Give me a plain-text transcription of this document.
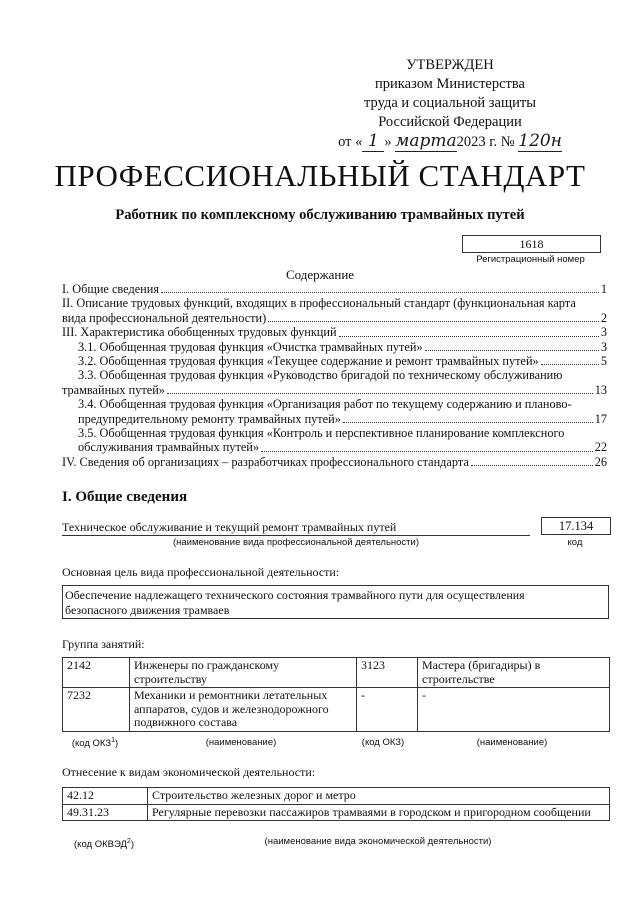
УТВЕРЖДЕН
приказом Министерства
труда и социальной защиты
Российской Федерации
от « 1 » марта2023 г. № 120н
ПРОФЕССИОНАЛЬНЫЙ СТАНДАРТ
Работник по комплексному обслуживанию трамвайных путей
1618
Регистрационный номер
Содержание
I. Общие сведения	1
II. Описание трудовых функций, входящих в профессиональный стандарт (функциональная карта
вида профессиональной деятельности)	2
III. Характеристика обобщенных трудовых функций	3
3.1. Обобщенная трудовая функция «Очистка трамвайных путей»	3
3.2. Обобщенная трудовая функция «Текущее содержание и ремонт трамвайных путей»	5
3.3. Обобщенная трудовая функция «Руководство бригадой по техническому обслуживанию
трамвайных путей»	13
3.4. Обобщенная трудовая функция «Организация работ по текущему содержанию и планово-
предупредительному ремонту трамвайных путей»	17
3.5. Обобщенная трудовая функция «Контроль и перспективное планирование комплексного
обслуживания трамвайных путей»	22
IV. Сведения об организациях – разработчиках профессионального стандарта	26
I. Общие сведения
Техническое обслуживание и текущий ремонт трамвайных путей
(наименование вида профессиональной деятельности)
17.134
код
Основная цель вида профессиональной деятельности:
Обеспечение надлежащего технического состояния трамвайного пути для осуществления
безопасного движения трамваев
Группа занятий:
2142	Инженеры по гражданскому строительству	3123	Мастера (бригадиры) в строительстве
7232	Механики и ремонтники летательных аппаратов, судов и железнодорожного подвижного состава	-	-
(код ОКЗ$^1$)	(наименование)	(код ОКЗ)	(наименование)
Отнесение к видам экономической деятельности:
42.12	Строительство железных дорог и метро
49.31.23	Регулярные перевозки пассажиров трамваями в городском и пригородном сообщении
(код ОКВЭД$^2$)	(наименование вида экономической деятельности)
